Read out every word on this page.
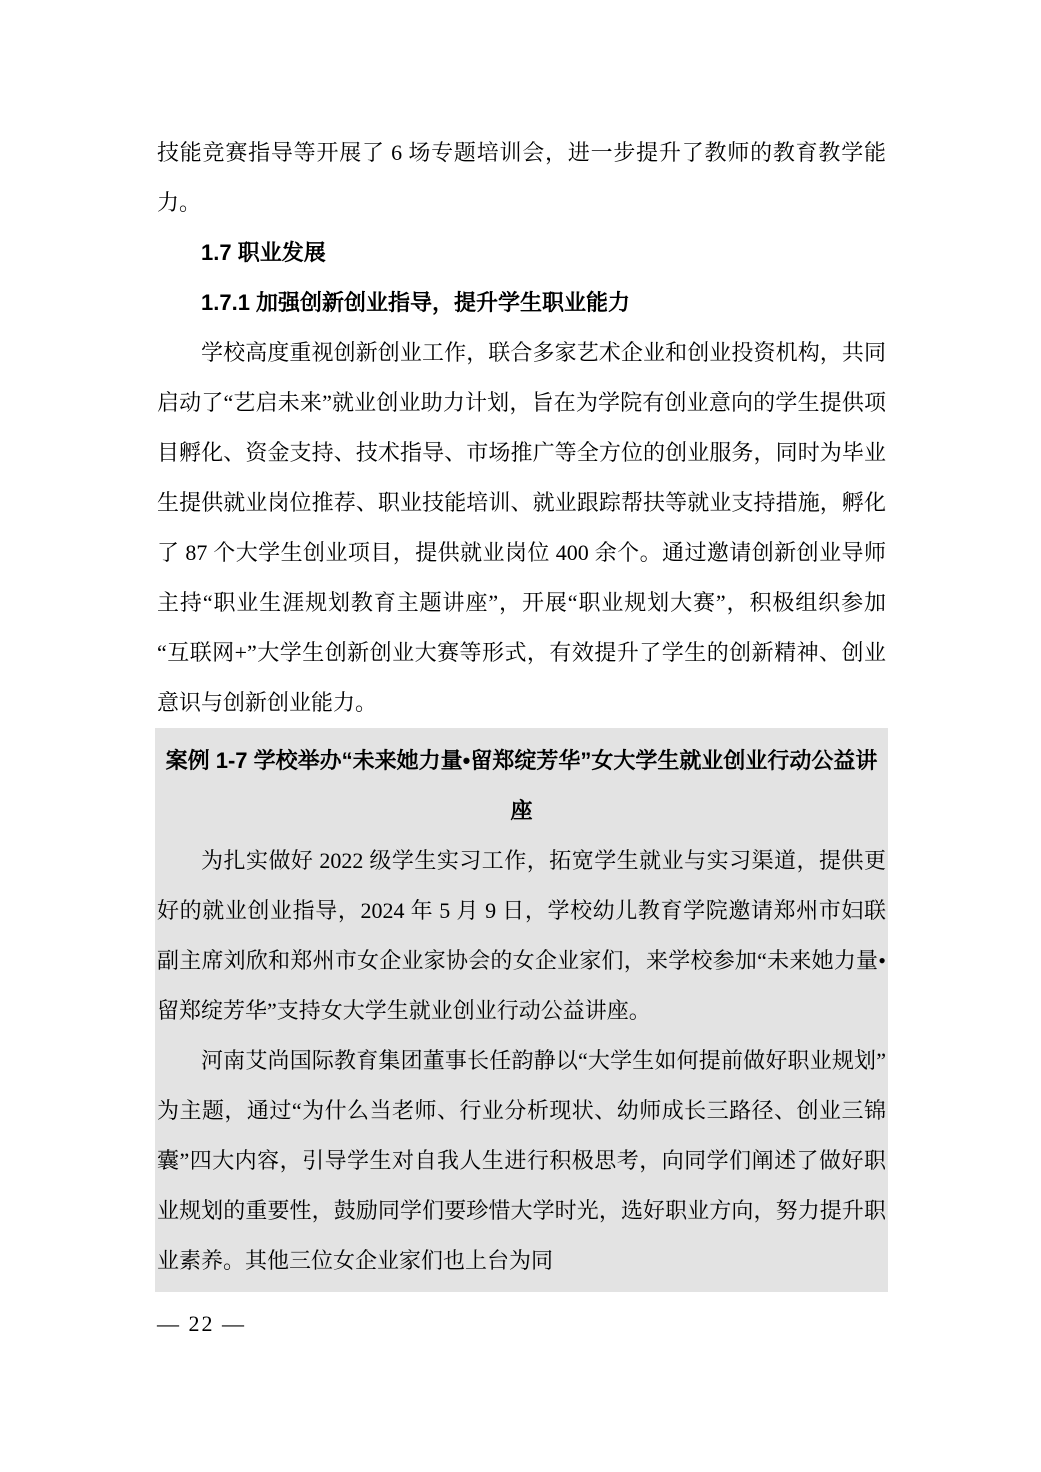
技能竞赛指导等开展了 6 场专题培训会，进一步提升了教师的教育教学能力。

1.7 职业发展
1.7.1 加强创新创业指导，提升学生职业能力

学校高度重视创新创业工作，联合多家艺术企业和创业投资机构，共同启动了“艺启未来”就业创业助力计划，旨在为学院有创业意向的学生提供项目孵化、资金支持、技术指导、市场推广等全方位的创业服务，同时为毕业生提供就业岗位推荐、职业技能培训、就业跟踪帮扶等就业支持措施，孵化了 87 个大学生创业项目，提供就业岗位 400 余个。通过邀请创新创业导师主持“职业生涯规划教育主题讲座”，开展“职业规划大赛”，积极组织参加“互联网+”大学生创新创业大赛等形式，有效提升了学生的创新精神、创业意识与创新创业能力。

案例 1-7 学校举办“未来她力量•留郑绽芳华”女大学生就业创业行动公益讲座

为扎实做好 2022 级学生实习工作，拓宽学生就业与实习渠道，提供更好的就业创业指导，2024 年 5 月 9 日，学校幼儿教育学院邀请郑州市妇联副主席刘欣和郑州市女企业家协会的女企业家们，来学校参加“未来她力量•留郑绽芳华”支持女大学生就业创业行动公益讲座。

河南艾尚国际教育集团董事长任韵静以“大学生如何提前做好职业规划”为主题，通过“为什么当老师、行业分析现状、幼师成长三路径、创业三锦囊”四大内容，引导学生对自我人生进行积极思考，向同学们阐述了做好职业规划的重要性，鼓励同学们要珍惜大学时光，选好职业方向，努力提升职业素养。其他三位女企业家们也上台为同

— 22 —
